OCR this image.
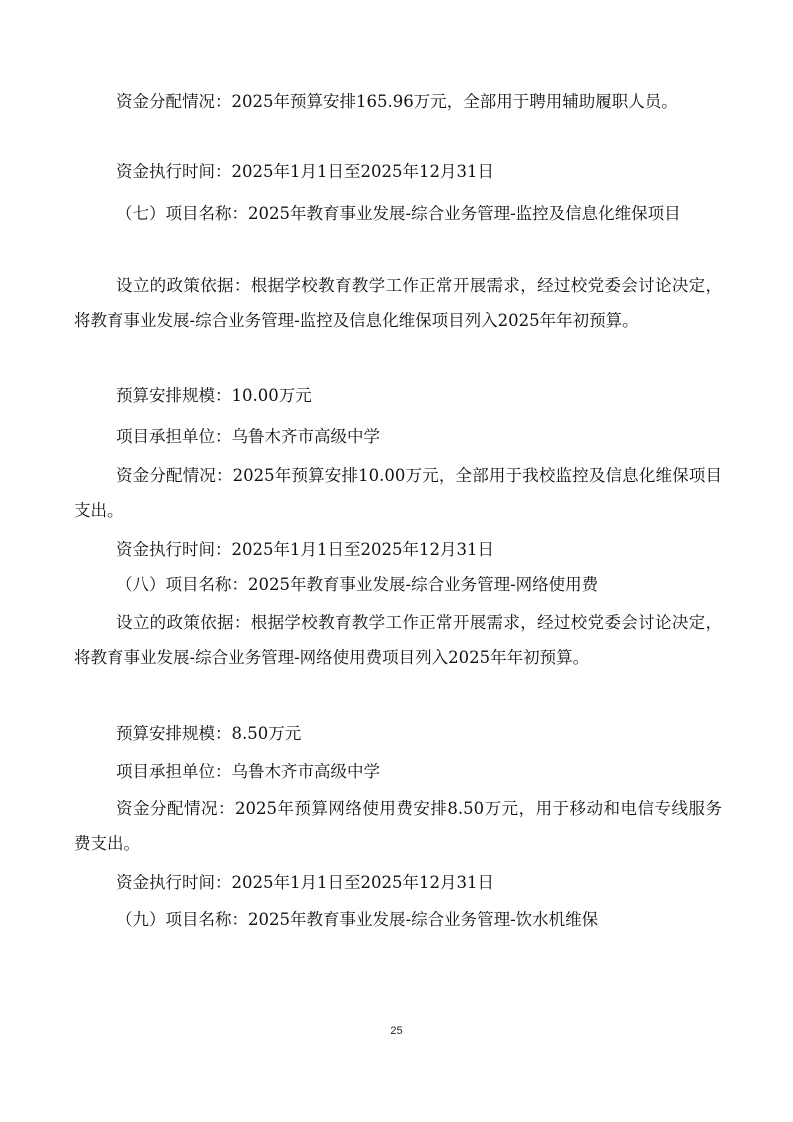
资金分配情况：2025年预算安排165.96万元，全部用于聘用辅助履职人员。

资金执行时间：2025年1月1日至2025年12月31日

（七）项目名称：2025年教育事业发展-综合业务管理-监控及信息化维保项目

设立的政策依据：根据学校教育教学工作正常开展需求，经过校党委会讨论决定，将教育事业发展-综合业务管理-监控及信息化维保项目列入2025年年初预算。

预算安排规模：10.00万元

项目承担单位：乌鲁木齐市高级中学

资金分配情况：2025年预算安排10.00万元，全部用于我校监控及信息化维保项目支出。

资金执行时间：2025年1月1日至2025年12月31日

（八）项目名称：2025年教育事业发展-综合业务管理-网络使用费

设立的政策依据：根据学校教育教学工作正常开展需求，经过校党委会讨论决定，将教育事业发展-综合业务管理-网络使用费项目列入2025年年初预算。

预算安排规模：8.50万元

项目承担单位：乌鲁木齐市高级中学

资金分配情况：2025年预算网络使用费安排8.50万元，用于移动和电信专线服务费支出。

资金执行时间：2025年1月1日至2025年12月31日

（九）项目名称：2025年教育事业发展-综合业务管理-饮水机维保

25
